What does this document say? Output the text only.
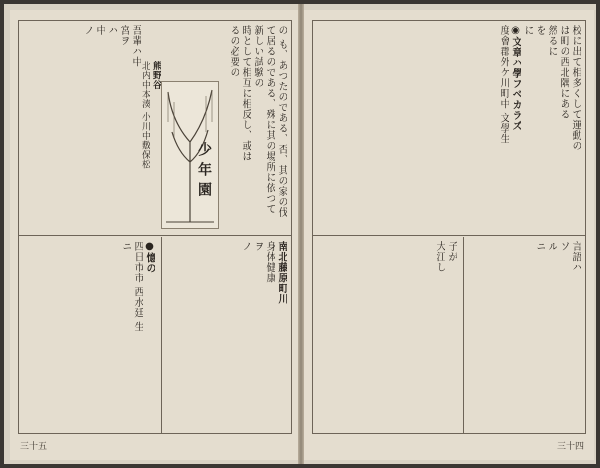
の も、あつたのである、否、其の家の伐
て居るのである、殊に其の場所に依つて
新しい試験の
時として相互に相反し、或は
るの必要の
少年園
熊野谷
北内中本湊 小川中敷保松
吾輩ハ中
宮ヲ
ハ
中
ノ
南北藤原町川
身体健康
ヲ
ノ
●憶の
四日市市 西水廷 生
ニ
三十五
校に出て相多くして運動の
は町の西北隅にある
然るに
を
に
◉文章ハ學フベカラズ
度會郡外ケ川町中 文學生
言語ハ
ソ
ル
ニ
子が
大江し
三十四
